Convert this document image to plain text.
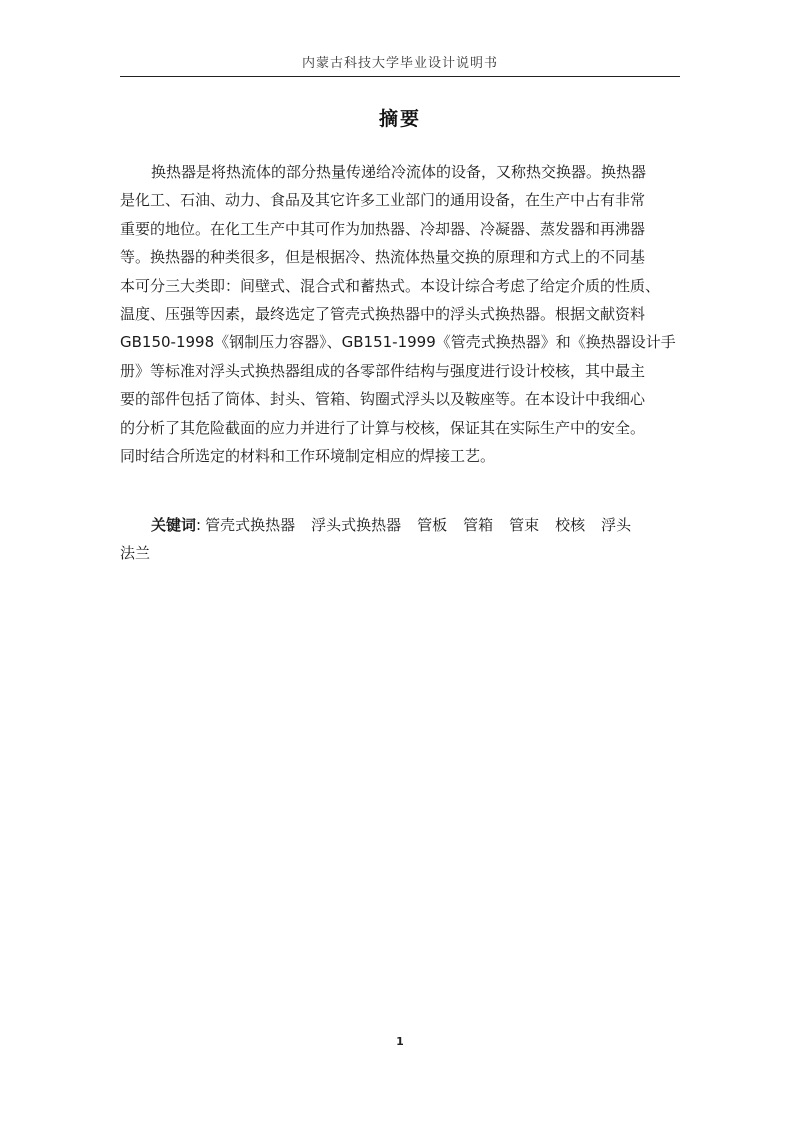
内蒙古科技大学毕业设计说明书
摘要
换热器是将热流体的部分热量传递给冷流体的设备，又称热交换器。换热器
是化工、石油、动力、食品及其它许多工业部门的通用设备，在生产中占有非常
重要的地位。在化工生产中其可作为加热器、冷却器、冷凝器、蒸发器和再沸器
等。换热器的种类很多，但是根据冷、热流体热量交换的原理和方式上的不同基
本可分三大类即：间壁式、混合式和蓄热式。本设计综合考虑了给定介质的性质、
温度、压强等因素，最终选定了管壳式换热器中的浮头式换热器。根据文献资料
GB150-1998《钢制压力容器》、GB151-1999《管壳式换热器》和《换热器设计手
册》等标准对浮头式换热器组成的各零部件结构与强度进行设计校核，其中最主
要的部件包括了筒体、封头、管箱、钩圈式浮头以及鞍座等。在本设计中我细心
的分析了其危险截面的应力并进行了计算与校核，保证其在实际生产中的安全。
同时结合所选定的材料和工作环境制定相应的焊接工艺。
关键词: 管壳式换热器 浮头式换热器 管板 管箱 管束 校核 浮头
法兰
1
